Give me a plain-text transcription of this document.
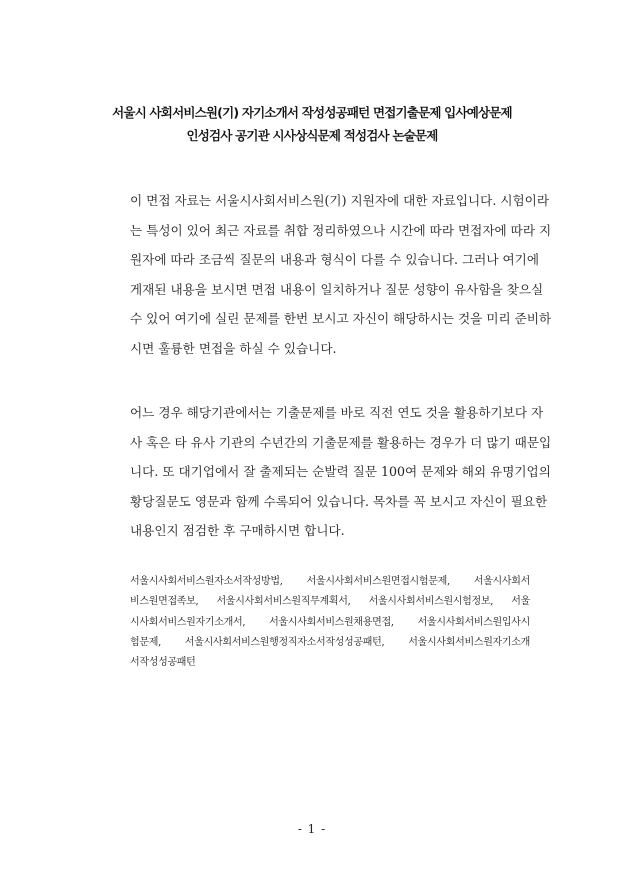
서울시 사회서비스원(기) 자기소개서 작성성공패턴 면접기출문제 입사예상문제
인성검사 공기관 시사상식문제 적성검사 논술문제
이 면접 자료는 서울시사회서비스원(기) 지원자에 대한 자료입니다. 시험이라
는 특성이 있어 최근 자료를 취합 정리하였으나 시간에 따라 면접자에 따라 지
원자에 따라 조금씩 질문의 내용과 형식이 다를 수 있습니다. 그러나 여기에
게재된 내용을 보시면 면접 내용이 일치하거나 질문 성향이 유사함을 찾으실
수 있어 여기에 실린 문제를 한번 보시고 자신이 해당하시는 것을 미리 준비하
시면 훌륭한 면접을 하실 수 있습니다.
어느 경우 해당기관에서는 기출문제를 바로 직전 연도 것을 활용하기보다 자
사 혹은 타 유사 기관의 수년간의 기출문제를 활용하는 경우가 더 많기 때문입
니다. 또 대기업에서 잘 출제되는 순발력 질문 100여 문제와 해외 유명기업의
황당질문도 영문과 함께 수록되어 있습니다. 목차를 꼭 보시고 자신이 필요한
내용인지 점검한 후 구매하시면 합니다.
서울시사회서비스원자소서작성방법, 서울시사회서비스원면접시험문제, 서울시사회서
비스원면접족보, 서울시사회서비스원직무계획서, 서울시사회서비스원시험정보, 서울
시사회서비스원자기소개서, 서울시사회서비스원채용면접, 서울시사회서비스원입사시
험문제, 서울시사회서비스원행정직자소서작성성공패턴, 서울시사회서비스원자기소개
서작성성공패턴
- 1 -
